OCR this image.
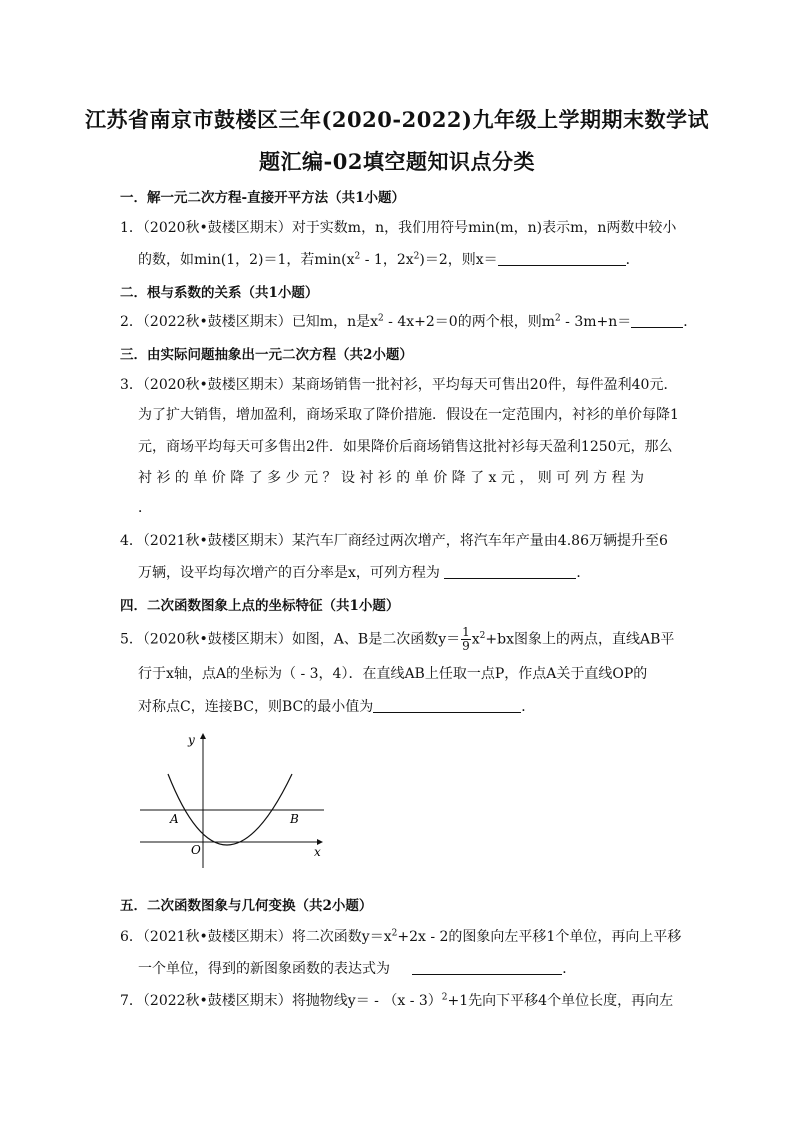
江苏省南京市鼓楼区三年(2020-2022)九年级上学期期末数学试
题汇编-02填空题知识点分类
一．解一元二次方程-直接开平方法（共1小题）
1．（2020秋•鼓楼区期末）对于实数m，n，我们用符号min(m，n)表示m，n两数中较小
的数，如min(1，2)＝1，若$\min(x^2 - 1$，$2x^2)=2$，则x＝	．
二．根与系数的关系（共1小题）
2．（2022秋•鼓楼区期末）已知m，n是$x^2 - 4x+2=0$的两个根，则$m^2 - 3m+n=$	．
三．由实际问题抽象出一元二次方程（共2小题）
3．（2020秋•鼓楼区期末）某商场销售一批衬衫，平均每天可售出20件，每件盈利40元．
为了扩大销售，增加盈利，商场采取了降价措施．假设在一定范围内，衬衫的单价每降1
元，商场平均每天可多售出2件．如果降价后商场销售这批衬衫每天盈利1250元，那么
衬 衫 的 单 价 降 了 多 少 元 ？ 设 衬 衫 的 单 价 降 了 x 元 ， 则 可 列 方 程 为
．
4．（2021秋•鼓楼区期末）某汽车厂商经过两次增产，将汽车年产量由4.86万辆提升至6
万辆，设平均每次增产的百分率是x，可列方程为	．
四．二次函数图象上点的坐标特征（共1小题）
5．（2020秋•鼓楼区期末）如图，A、B是二次函数$y= \frac{1}{9} x^2+bx$图象上的两点，直线AB平
行于x轴，点A的坐标为（ - 3，4）．在直线AB上任取一点P，作点A关于直线OP的
对称点C，连接BC，则BC的最小值为	．
y
x
O
A	B
五．二次函数图象与几何变换（共2小题）
6．（2021秋•鼓楼区期末）将二次函数$y=x^2+2x - 2$的图象向左平移1个单位，再向上平移
一个单位，得到的新图象函数的表达式为	．
7．（2022秋•鼓楼区期末）将抛物线y＝ - （x - 3）$^2$+1先向下平移4个单位长度，再向左
